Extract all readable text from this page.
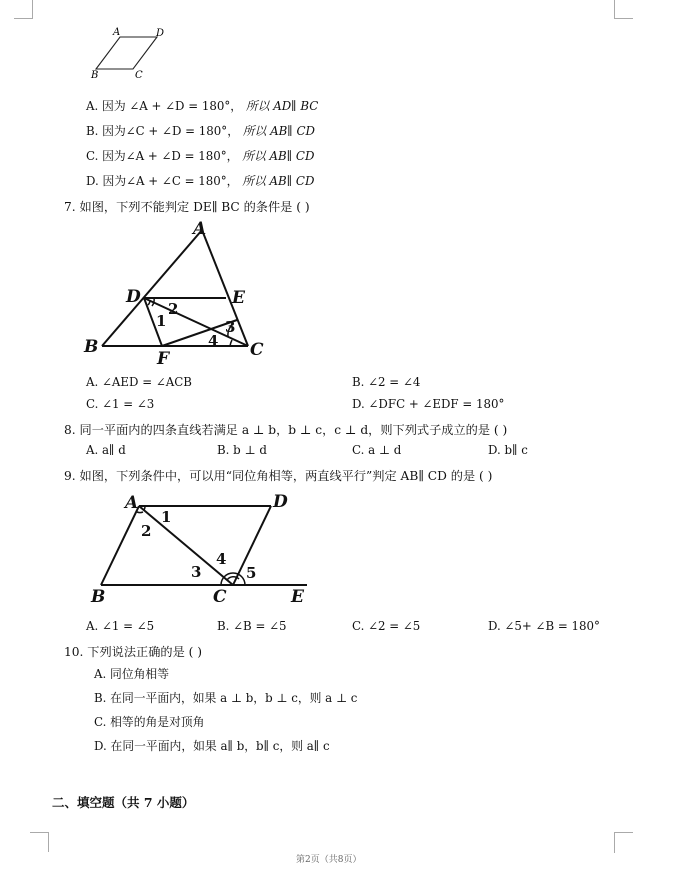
A	D
B	C
A. 因为 ∠A + ∠D = 180°， 所以 AD∥ BC
B. 因为∠C + ∠D = 180°， 所以 AB∥ CD
C. 因为∠A + ∠D = 180°， 所以 AB∥ CD
D. 因为∠A + ∠C = 180°， 所以 AB∥ CD
7. 如图，下列不能判定 DE∥ BC 的条件是 ( )
A
D	E
B
F	C
1
2
3
4
A. ∠AED = ∠ACB	B. ∠2 = ∠4
C. ∠1 = ∠3	D. ∠DFC + ∠EDF = 180°
8. 同一平面内的四条直线若满足 a ⊥ b，b ⊥ c，c ⊥ d，则下列式子成立的是 ( )
A. a∥ d	B. b ⊥ d	C. a ⊥ d	D. b∥ c
9. 如图，下列条件中，可以用“同位角相等，两直线平行”判定 AB∥ CD 的是 ( )
A	D
B	C	E
1
2
3
4
5
A. ∠1 = ∠5	B. ∠B = ∠5	C. ∠2 = ∠5	D. ∠5+ ∠B = 180°
10. 下列说法正确的是 ( )
A. 同位角相等
B. 在同一平面内，如果 a ⊥ b，b ⊥ c，则 a ⊥ c
C. 相等的角是对顶角
D. 在同一平面内，如果 a∥ b，b∥ c，则 a∥ c
二、填空题（共 7 小题）
第2页（共8页）
